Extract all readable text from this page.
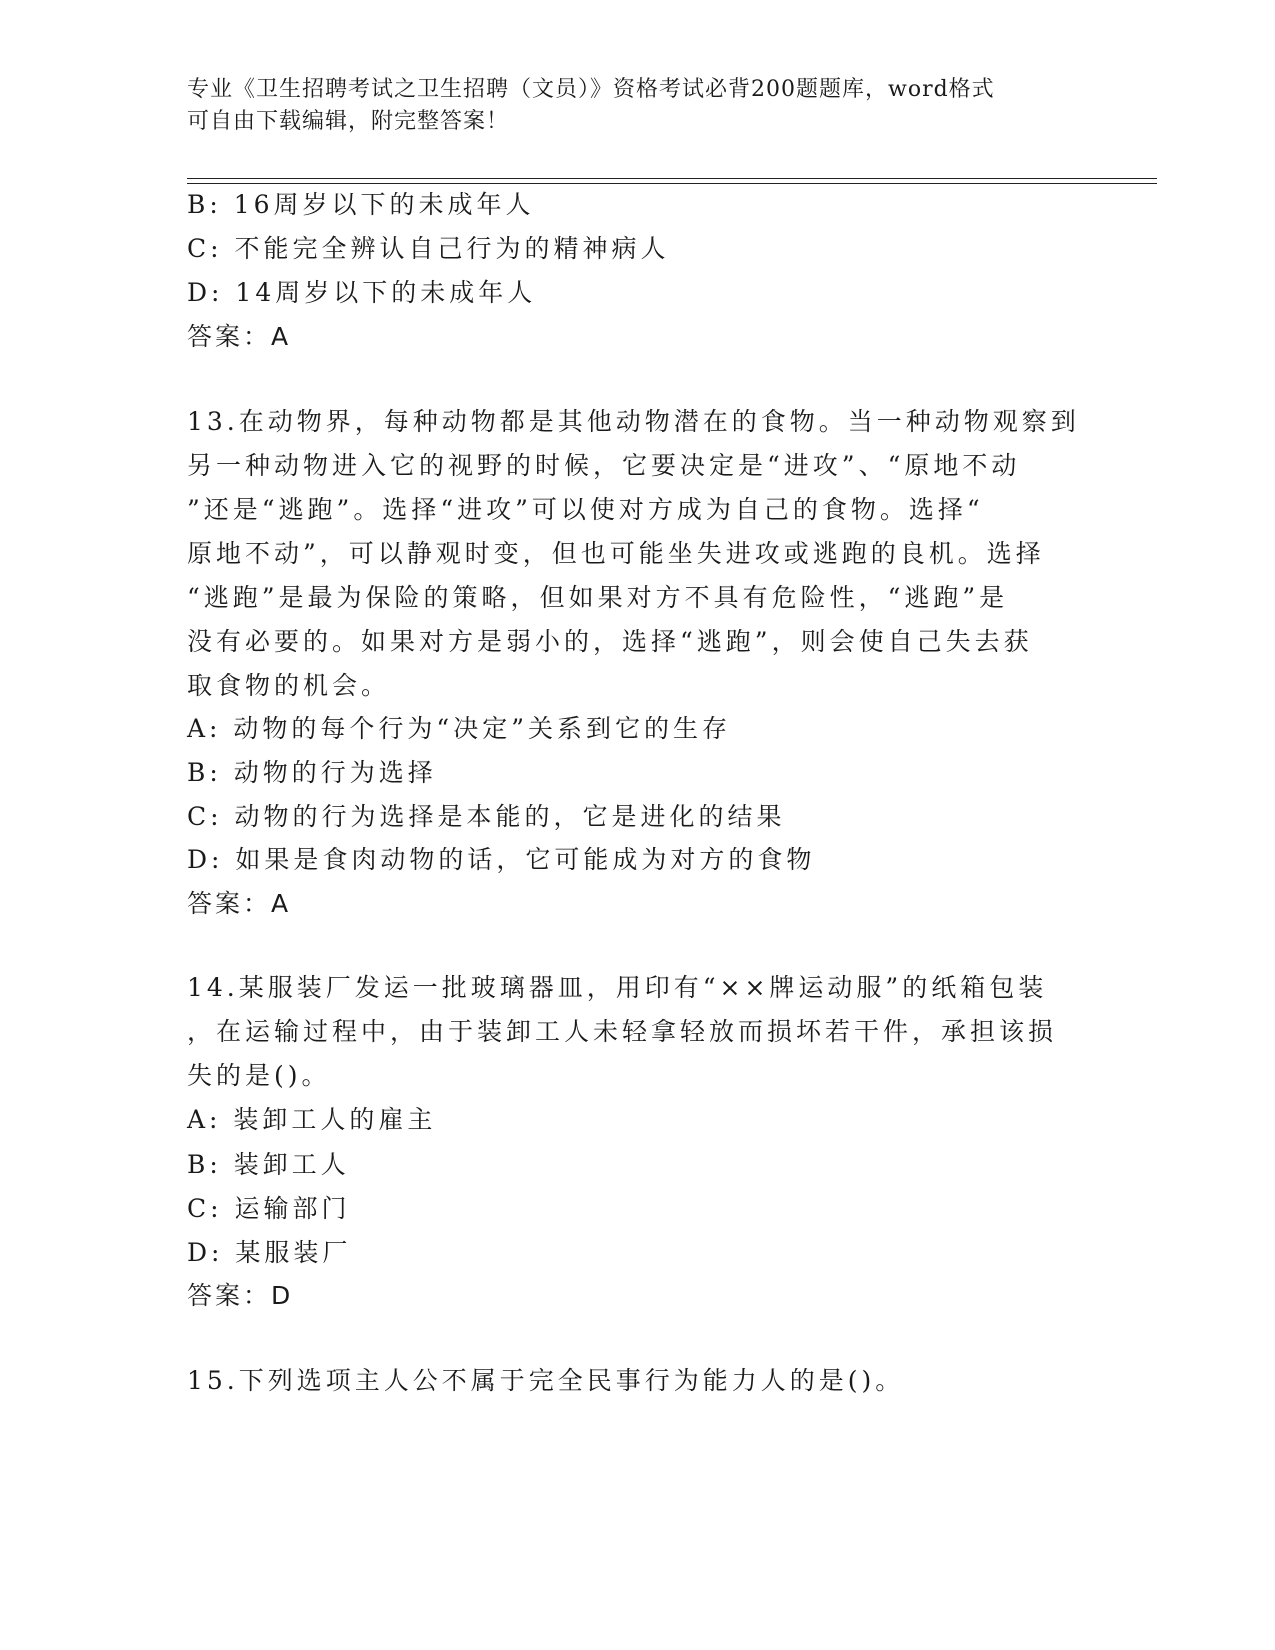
专业《卫生招聘考试之卫生招聘（文员）》资格考试必背200题题库，word格式
可自由下载编辑，附完整答案！
B: 16周岁以下的未成年人
C: 不能完全辨认自己行为的精神病人
D: 14周岁以下的未成年人
答案：A
13.在动物界，每种动物都是其他动物潜在的食物。当一种动物观察到
另一种动物进入它的视野的时候，它要决定是“进攻”、“原地不动
”还是“逃跑”。选择“进攻”可以使对方成为自己的食物。选择“
原地不动”，可以静观时变，但也可能坐失进攻或逃跑的良机。选择
“逃跑”是最为保险的策略，但如果对方不具有危险性，“逃跑”是
没有必要的。如果对方是弱小的，选择“逃跑”，则会使自己失去获
取食物的机会。
A: 动物的每个行为“决定”关系到它的生存
B: 动物的行为选择
C: 动物的行为选择是本能的，它是进化的结果
D: 如果是食肉动物的话，它可能成为对方的食物
答案：A
14.某服装厂发运一批玻璃器皿，用印有“××牌运动服”的纸箱包装
，在运输过程中，由于装卸工人未轻拿轻放而损坏若干件，承担该损
失的是()。
A: 装卸工人的雇主
B: 装卸工人
C: 运输部门
D: 某服装厂
答案：D
15.下列选项主人公不属于完全民事行为能力人的是()。
